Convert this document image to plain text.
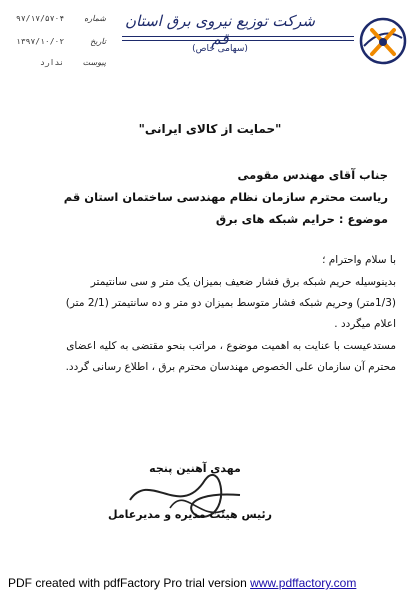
شرکت توزیع نیروی برق استان قم
(سهامی خاص)
شماره
۹۷/۱۷/۵۷۰۴
تاریخ
۱۳۹۷/۱۰/۰۲
پیوست
ندارد
"حمایت از کالای ایرانی"
جناب آقای مهندس مقومی
ریاست محترم سازمان نظام مهندسی ساختمان استان قم
موضوع : حرایم شبکه های برق
با سلام واحترام ؛
بدینوسیله حریم شبکه برق فشار ضعیف بمیزان یک متر و سی سانتیمتر
(1/3متر) وحریم شبکه فشار متوسط بمیزان دو متر و ده سانتیمتر (2/1 متر)
اعلام میگردد .
مستدعیست با عنایت به اهمیت موضوع ، مراتب بنحو مقتضی به کلیه اعضای
محترم آن سازمان علی الخصوص مهندسان محترم برق ، اطلاع رسانی گردد.
مهدی آهنین پنجه
رئیس هیئت مدیره و مدیرعامل
PDF created with pdfFactory Pro trial version www.pdffactory.com
